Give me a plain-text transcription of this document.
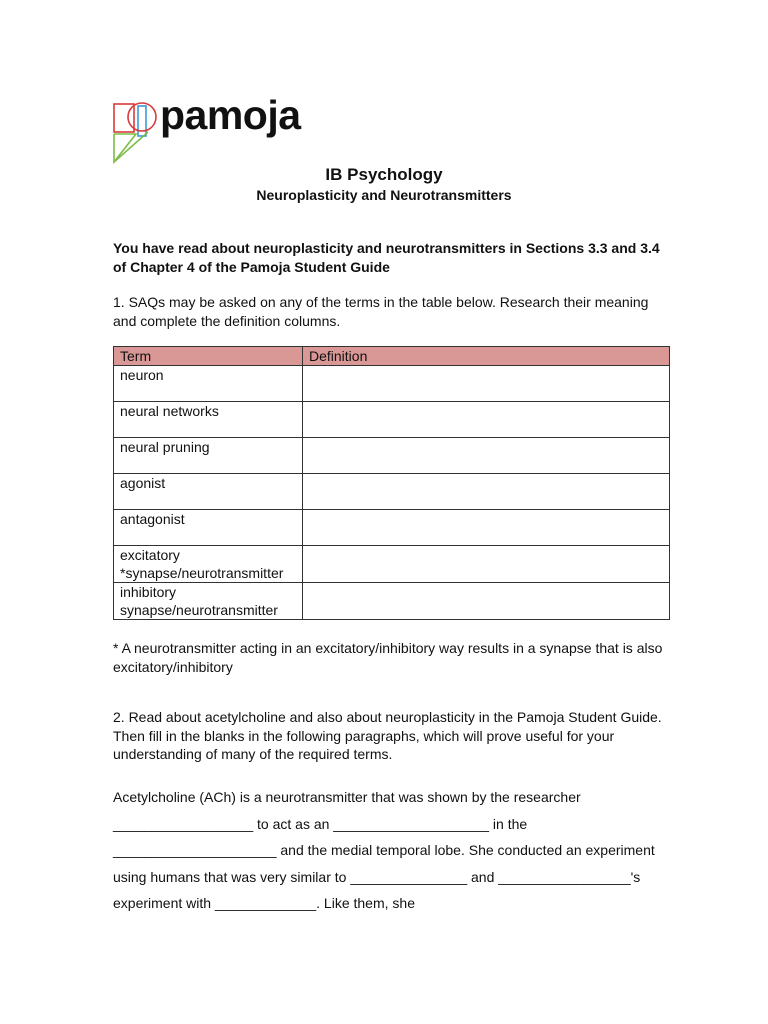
pamoja
IB Psychology
Neuroplasticity and Neurotransmitters
You have read about neuroplasticity and neurotransmitters in Sections 3.3 and 3.4 of Chapter 4 of the Pamoja Student Guide
1. SAQs may be asked on any of the terms in the table below. Research their meaning and complete the definition columns.
Term	Definition
neuron	
neural networks	
neural pruning	
agonist	
antagonist	
excitatory *synapse/neurotransmitter	
inhibitory synapse/neurotransmitter	
* A neurotransmitter acting in an excitatory/inhibitory way results in a synapse that is also excitatory/inhibitory
2. Read about acetylcholine and also about neuroplasticity in the Pamoja Student Guide. Then fill in the blanks in the following paragraphs, which will prove useful for your understanding of many of the required terms.
Acetylcholine (ACh) is a neurotransmitter that was shown by the researcher __________________ to act as an ____________________ in the _____________________ and the medial temporal lobe. She conducted an experiment using humans that was very similar to _______________ and _________________'s experiment with _____________. Like them, she
